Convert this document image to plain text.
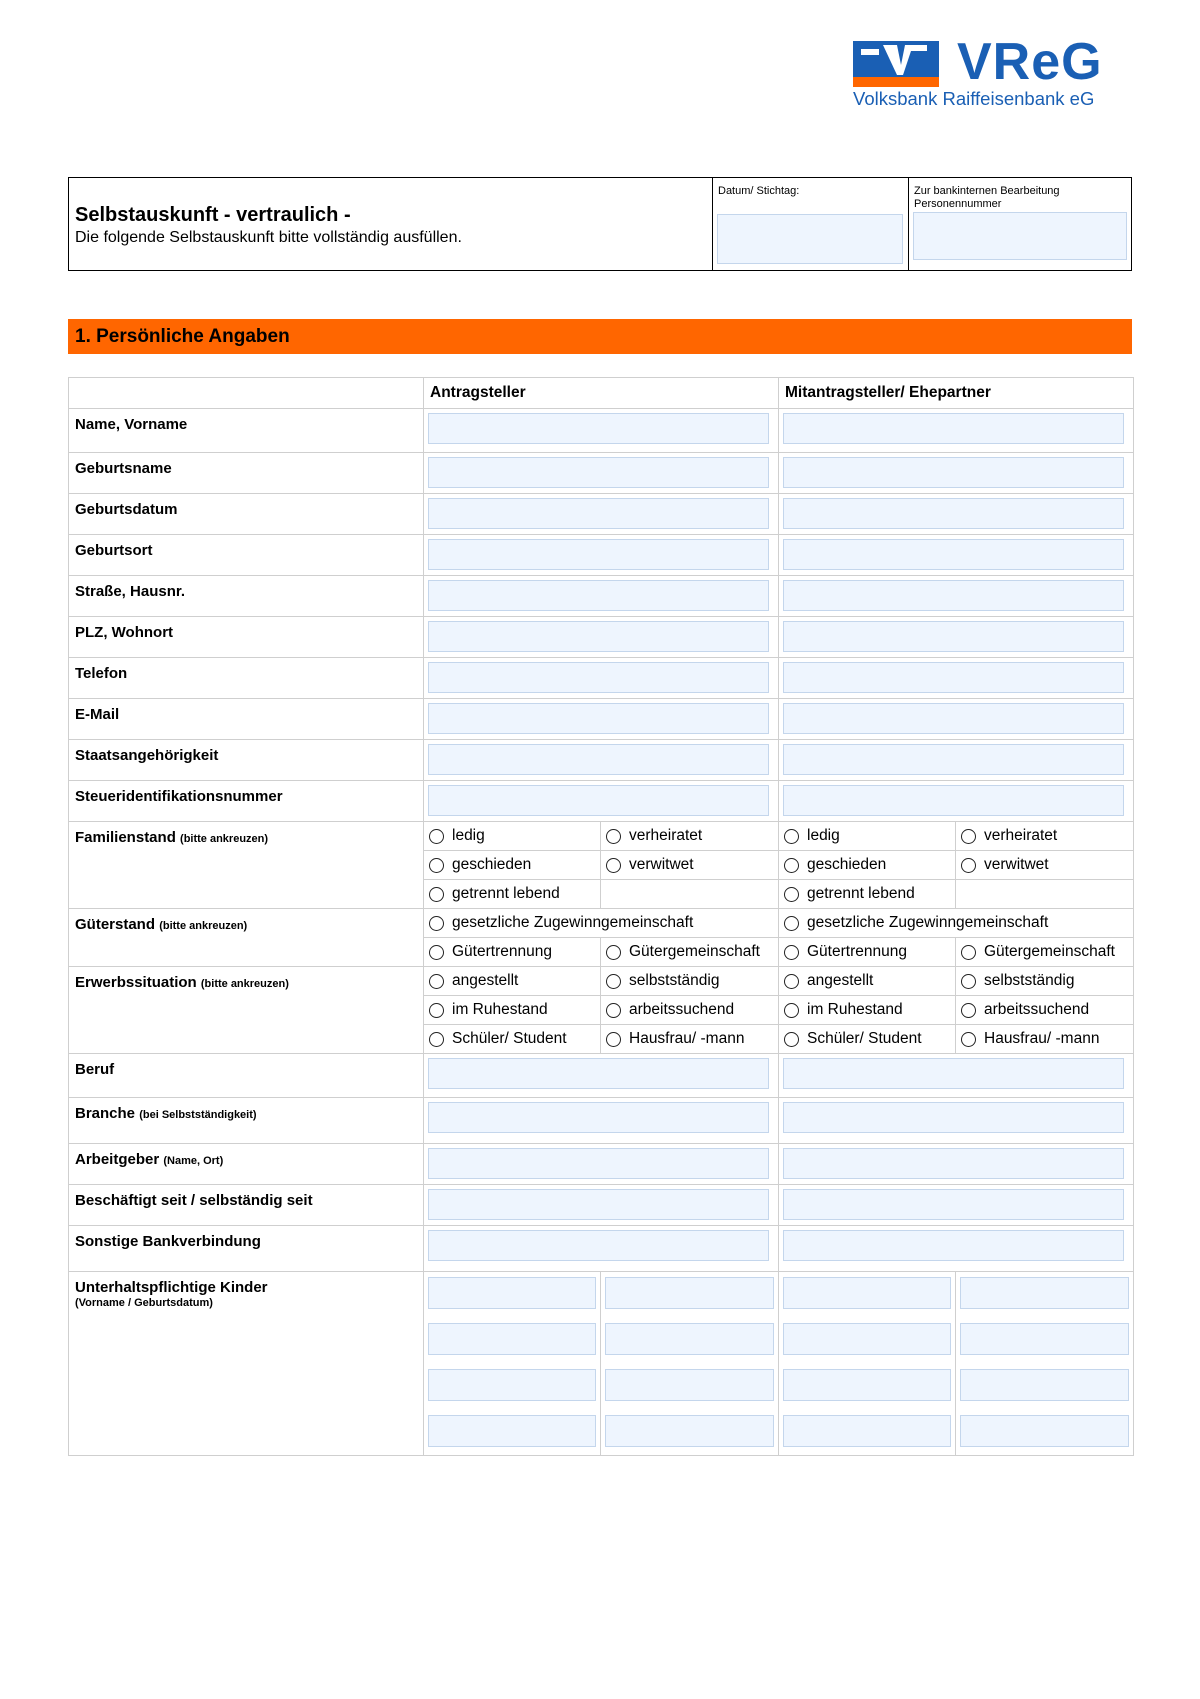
VReG
Volksbank Raiffeisenbank eG
Selbstauskunft - vertraulich -
Die folgende Selbstauskunft bitte vollständig ausfüllen.
Datum/ Stichtag:	Zur bankinternen Bearbeitung
Personennummer
1. Persönliche Angaben
	Antragsteller		Mitantragsteller/ Ehepartner	
Name, Vorname			

Geburtsname			

Geburtsdatum			

Geburtsort			

Straße, Hausnr.			

PLZ, Wohnort			

Telefon			

E-Mail			

Staatsangehörigkeit			

Steueridentifikationsnummer			

Familienstand (bitte ankreuzen)	ledig	verheiratet	ledig	verheiratet

	geschieden	verwitwet	geschieden	verwitwet

	getrennt lebend		getrennt lebend	

Güterstand (bitte ankreuzen)	gesetzliche Zugewinngemeinschaft		gesetzliche Zugewinngemeinschaft	

	Gütertrennung	Gütergemeinschaft	Gütertrennung	Gütergemeinschaft

Erwerbssituation (bitte ankreuzen)	angestellt	selbstständig	angestellt	selbstständig

	im Ruhestand	arbeitssuchend	im Ruhestand	arbeitssuchend

	Schüler/ Student	Hausfrau/ -mann	Schüler/ Student	Hausfrau/ -mann

Beruf			

Branche (bei Selbstständigkeit)			

Arbeitgeber (Name, Ort)			

Beschäftigt seit / selbständig seit			

Sonstige Bankverbindung			

Unterhaltspflichtige Kinder
(Vorname / Geburtsdatum)				
